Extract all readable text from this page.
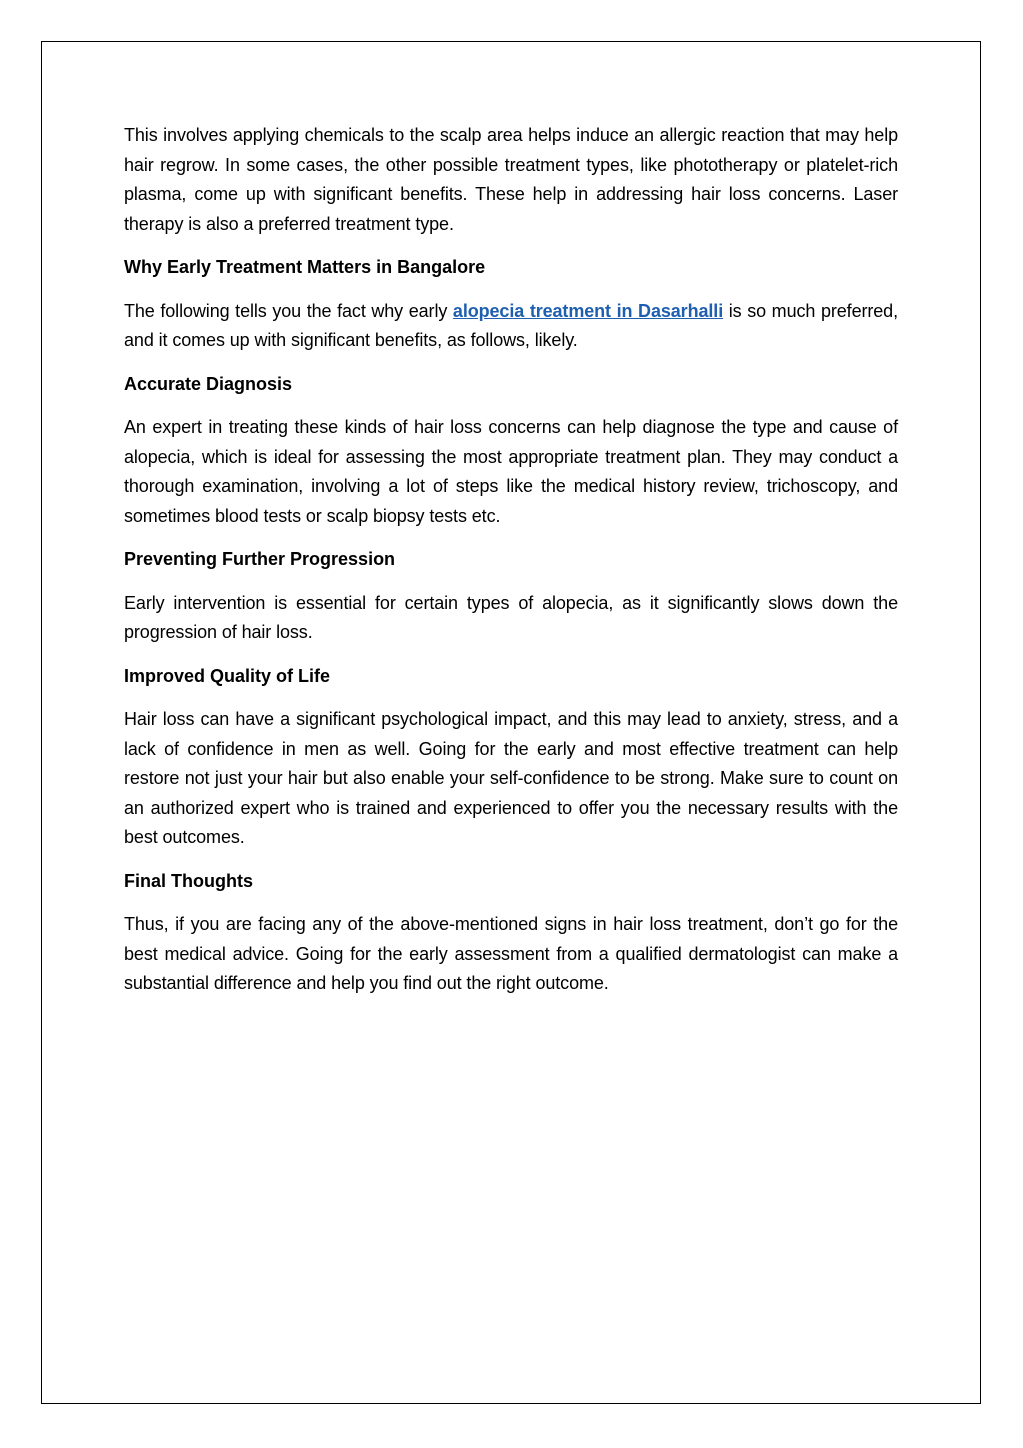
This involves applying chemicals to the scalp area helps induce an allergic reaction that may help hair regrow. In some cases, the other possible treatment types, like phototherapy or platelet-rich plasma, come up with significant benefits. These help in addressing hair loss concerns. Laser therapy is also a preferred treatment type.

Why Early Treatment Matters in Bangalore

The following tells you the fact why early alopecia treatment in Dasarhalli is so much preferred, and it comes up with significant benefits, as follows, likely.

Accurate Diagnosis

An expert in treating these kinds of hair loss concerns can help diagnose the type and cause of alopecia, which is ideal for assessing the most appropriate treatment plan. They may conduct a thorough examination, involving a lot of steps like the medical history review, trichoscopy, and sometimes blood tests or scalp biopsy tests etc.

Preventing Further Progression

Early intervention is essential for certain types of alopecia, as it significantly slows down the progression of hair loss.

Improved Quality of Life

Hair loss can have a significant psychological impact, and this may lead to anxiety, stress, and a lack of confidence in men as well. Going for the early and most effective treatment can help restore not just your hair but also enable your self-confidence to be strong. Make sure to count on an authorized expert who is trained and experienced to offer you the necessary results with the best outcomes.

Final Thoughts

Thus, if you are facing any of the above-mentioned signs in hair loss treatment, don’t go for the best medical advice. Going for the early assessment from a qualified dermatologist can make a substantial difference and help you find out the right outcome.
